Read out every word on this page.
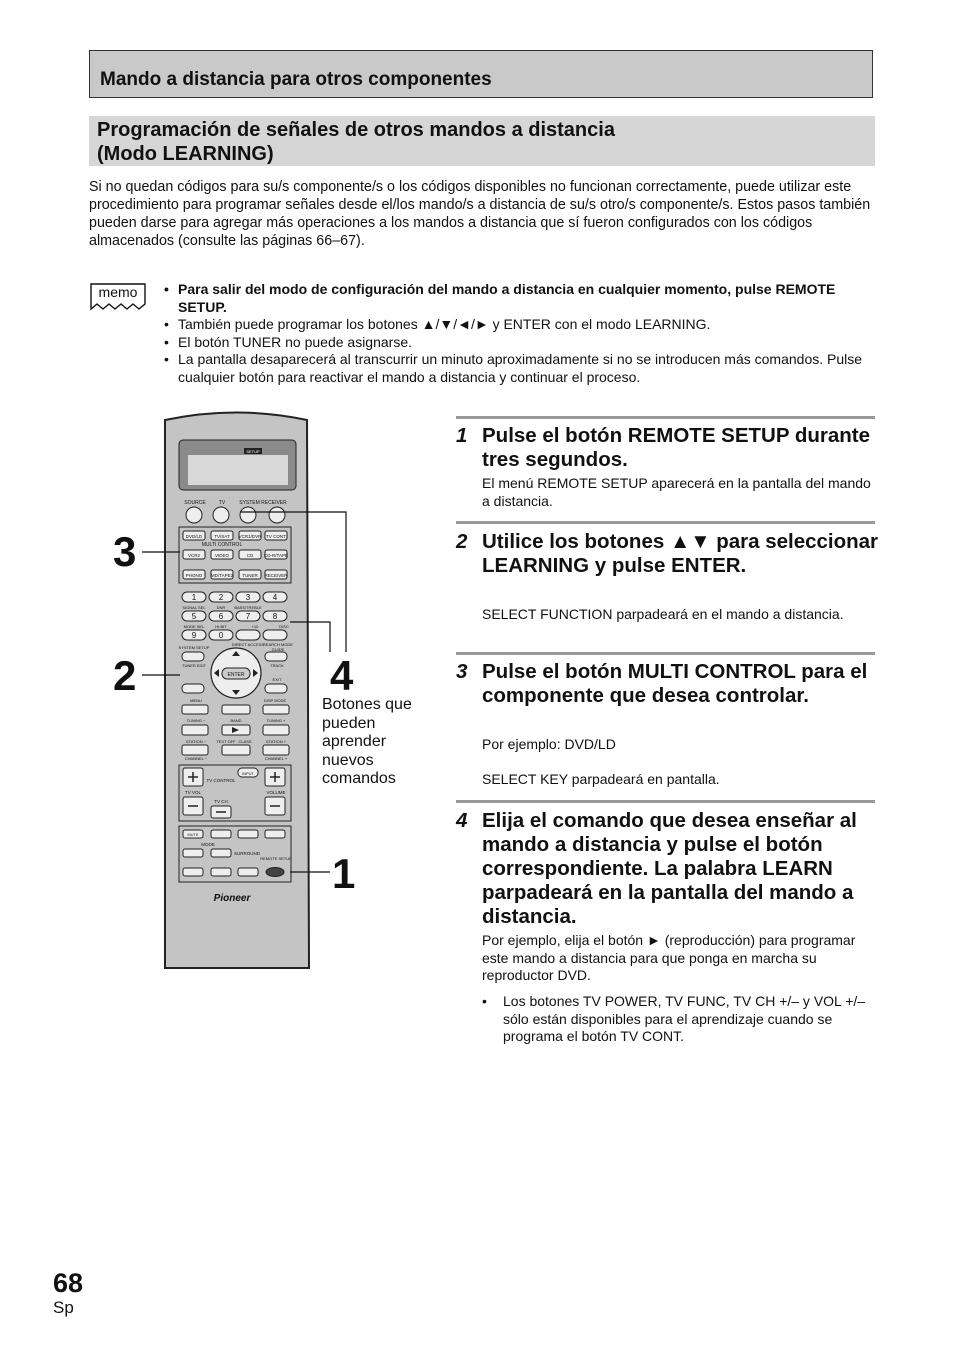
Mando a distancia para otros componentes
Programación de señales de otros mandos a distancia
(Modo LEARNING)
Si no quedan códigos para su/s componente/s o los códigos disponibles no funcionan correctamente, puede utilizar este procedimiento para programar señales desde el/los mando/s a distancia de su/s otro/s componente/s. Estos pasos también pueden darse para agregar más operaciones a los mandos a distancia que sí fueron configurados con los códigos almacenados (consulte las páginas 66–67).
memo
•	Para salir del modo de configuración del mando a distancia en cualquier momento, pulse REMOTE SETUP.
• También puede programar los botones ▲/▼/◄/► y ENTER con el modo LEARNING.
• El botón TUNER no puede asignarse.
• La pantalla desaparecerá al transcurrir un minuto aproximadamente si no se introducen más comandos. Pulse cualquier botón para reactivar el mando a distancia y continuar el proceso.
SETUP
SOURCE	TV	SYSTEM RECEIVER
MULTI CONTROL
DVD/LD	TV/SAT VCR1/DVR TV CONT
VCR2	VIDEO	CD CD-R/TAPE
PHONO MD/TAPE2 TUNER RECEIVER
1	2	3	4
5	6	7	8
9	0
SIGNAL SEL	DNR BASS/TREBLE
MODE SEL	HI-BIT	+10	DISC
SYSTEM SETUP
DIRECT ACCESS SEARCH MODE
GUIDE
TUNER EDIT	TRACK
EXIT
ENTER
MENU	DISP MODE
TUNING −	BAND	TUNING +
STATION −	TEXT OFF CLASS	STATION +
CHANNEL −	CHANNEL +
TV VOL
TV CONTROL
TV CH
VOLUME
INPUT
MUTE
MODE
SURROUND
REMOTE SETUP
Pioneer
3
2	4
1
Botones que pueden aprender nuevos comandos
1 Pulse el botón REMOTE SETUP durante tres segundos.
El menú REMOTE SETUP aparecerá en la pantalla del mando a distancia.
2 Utilice los botones ▲▼ para seleccionar LEARNING y pulse ENTER.
SELECT FUNCTION parpadeará en el mando a distancia.
3 Pulse el botón MULTI CONTROL para el componente que desea controlar.
Por ejemplo: DVD/LD
SELECT KEY parpadeará en pantalla.
4 Elija el comando que desea enseñar al mando a distancia y pulse el botón correspondiente. La palabra LEARN parpadeará en la pantalla del mando a distancia.
Por ejemplo, elija el botón ► (reproducción) para programar este mando a distancia para que ponga en marcha su reproductor DVD.
•	Los botones TV POWER, TV FUNC, TV CH +/– y VOL +/– sólo están disponibles para el aprendizaje cuando se programa el botón TV CONT.
68
Sp
